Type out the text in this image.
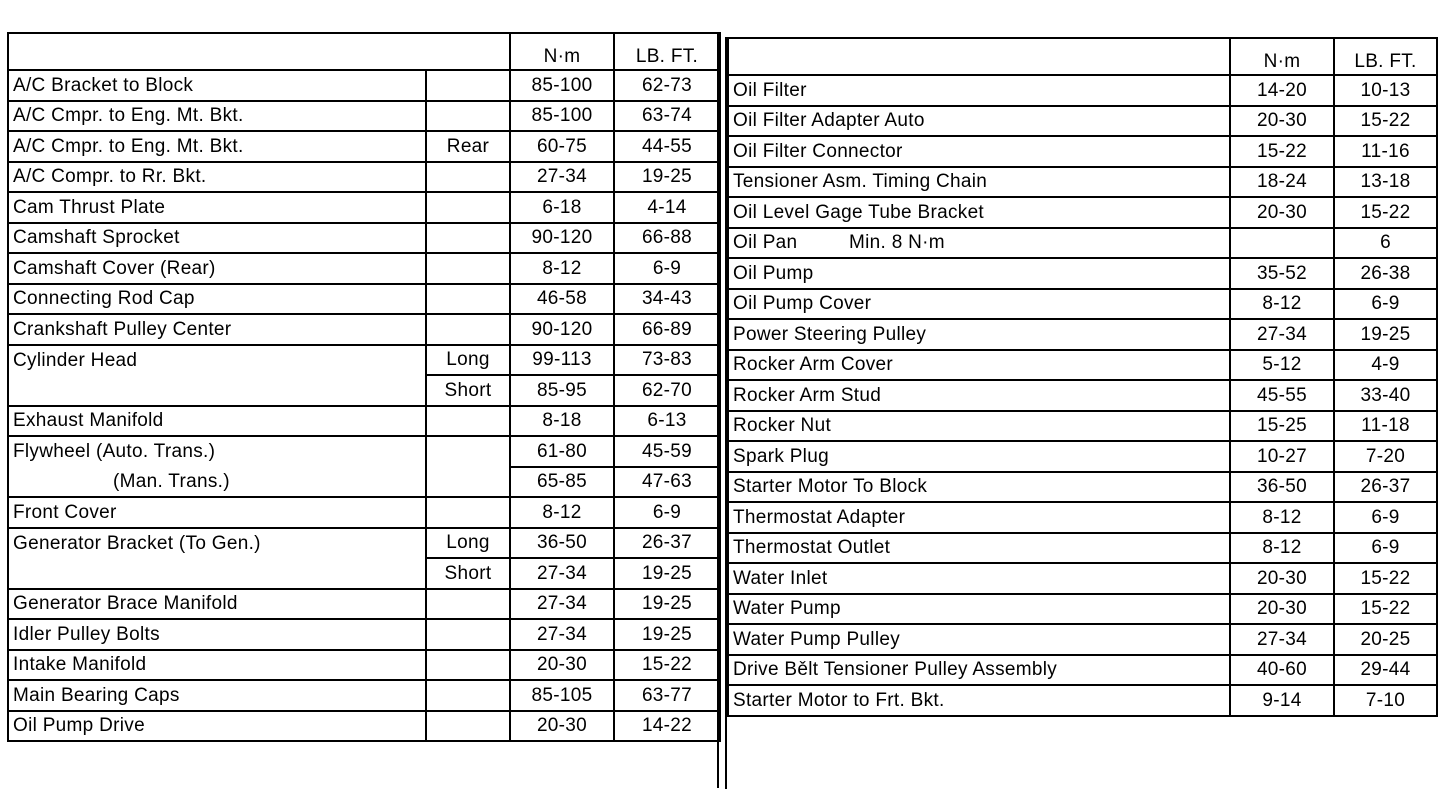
		N·m	LB. FT.
A/C Bracket to Block		85-100	62-73
A/C Cmpr. to Eng. Mt. Bkt.		85-100	63-74
A/C Cmpr. to Eng. Mt. Bkt.	Rear	60-75	44-55
A/C Compr. to Rr. Bkt.		27-34	19-25
Cam Thrust Plate		6-18	4-14
Camshaft Sprocket		90-120	66-88
Camshaft Cover (Rear)		8-12	6-9
Connecting Rod Cap		46-58	34-43
Crankshaft Pulley Center		90-120	66-89
Cylinder Head	Long	99-113	73-83
	Short	85-95	62-70
Exhaust Manifold		8-18	6-13
Flywheel (Auto. Trans.)		61-80	45-59
(Man. Trans.)		65-85	47-63
Front Cover		8-12	6-9
Generator Bracket (To Gen.)	Long	36-50	26-37
	Short	27-34	19-25
Generator Brace Manifold		27-34	19-25
Idler Pulley Bolts		27-34	19-25
Intake Manifold		20-30	15-22
Main Bearing Caps		85-105	63-77
Oil Pump Drive		20-30	14-22
	N·m	LB. FT.
Oil Filter	14-20	10-13
Oil Filter Adapter Auto	20-30	15-22
Oil Filter Connector	15-22	11-16
Tensioner Asm. Timing Chain	18-24	13-18
Oil Level Gage Tube Bracket	20-30	15-22
Oil Pan Min. 8 N·m		6
Oil Pump	35-52	26-38
Oil Pump Cover	8-12	6-9
Power Steering Pulley	27-34	19-25
Rocker Arm Cover	5-12	4-9
Rocker Arm Stud	45-55	33-40
Rocker Nut	15-25	11-18
Spark Plug	10-27	7-20
Starter Motor To Block	36-50	26-37
Thermostat Adapter	8-12	6-9
Thermostat Outlet	8-12	6-9
Water Inlet	20-30	15-22
Water Pump	20-30	15-22
Water Pump Pulley	27-34	20-25
Drive Bělt Tensioner Pulley Assembly	40-60	29-44
Starter Motor to Frt. Bkt.	9-14	7-10
